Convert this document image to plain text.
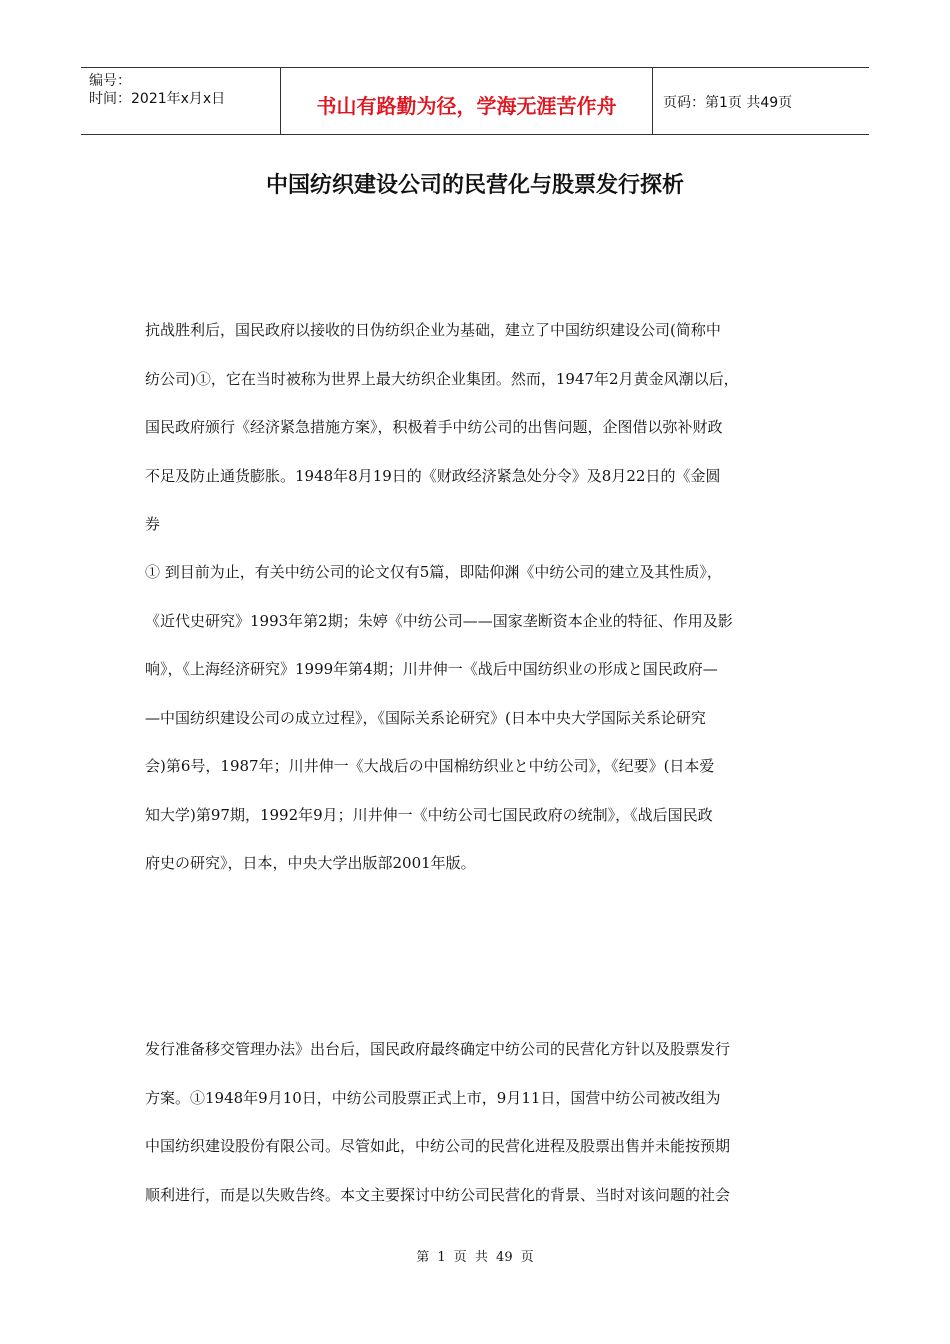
编号：
时间：2021年x月x日	书山有路勤为径，学海无涯苦作舟	页码：第1页 共49页
中国纺织建设公司的民营化与股票发行探析

抗战胜利后，国民政府以接收的日伪纺织企业为基础，建立了中国纺织建设公司(简称中
纺公司)①，它在当时被称为世界上最大纺织企业集团。然而，1947年2月黄金风潮以后，
国民政府颁行《经济紧急措施方案》，积极着手中纺公司的出售问题，企图借以弥补财政
不足及防止通货膨胀。1948年8月19日的《财政经济紧急处分令》及8月22日的《金圆
券

① 到目前为止，有关中纺公司的论文仅有5篇，即陆仰渊《中纺公司的建立及其性质》，
《近代史研究》1993年第2期；朱婷《中纺公司——国家垄断资本企业的特征、作用及影
响》，《上海经济研究》1999年第4期；川井伸一《战后中国纺织业の形成と国民政府—
—中国纺织建设公司の成立过程》，《国际关系论研究》(日本中央大学国际关系论研究
会)第6号，1987年；川井伸一《大战后の中国棉纺织业と中纺公司》，《纪要》(日本爱
知大学)第97期，1992年9月；川井伸一《中纺公司七国民政府の统制》，《战后国民政
府史の研究》，日本，中央大学出版部2001年版。

发行准备移交管理办法》出台后，国民政府最终确定中纺公司的民营化方针以及股票发行
方案。①1948年9月10日，中纺公司股票正式上市，9月11日，国营中纺公司被改组为
中国纺织建设股份有限公司。尽管如此，中纺公司的民营化进程及股票出售并未能按预期
顺利进行，而是以失败告终。本文主要探讨中纺公司民营化的背景、当时对该问题的社会

第 1 页 共 49 页
